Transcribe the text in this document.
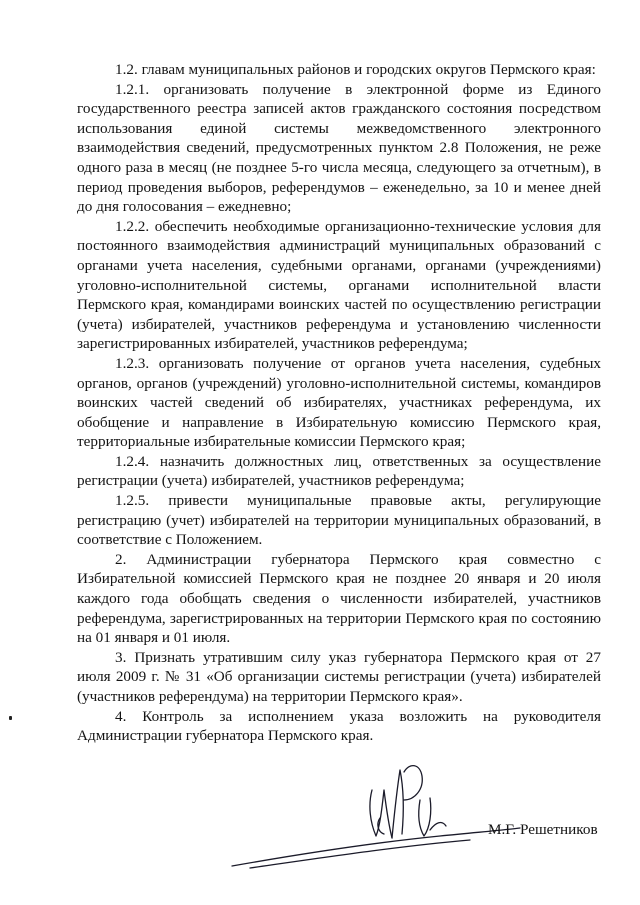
1.2. главам муниципальных районов и городских округов Пермского края:

1.2.1. организовать получение в электронной форме из Единого государственного реестра записей актов гражданского состояния посредством использования единой системы межведомственного электронного взаимодействия сведений, предусмотренных пунктом 2.8 Положения, не реже одного раза в месяц (не позднее 5-го числа месяца, следующего за отчетным), в период проведения выборов, референдумов – еженедельно, за 10 и менее дней до дня голосования – ежедневно;

1.2.2. обеспечить необходимые организационно-технические условия для постоянного взаимодействия администраций муниципальных образований с органами учета населения, судебными органами, органами (учреждениями) уголовно-исполнительной системы, органами исполнительной власти Пермского края, командирами воинских частей по осуществлению регистрации (учета) избирателей, участников референдума и установлению численности зарегистрированных избирателей, участников референдума;

1.2.3. организовать получение от органов учета населения, судебных органов, органов (учреждений) уголовно-исполнительной системы, командиров воинских частей сведений об избирателях, участниках референдума, их обобщение и направление в Избирательную комиссию Пермского края, территориальные избирательные комиссии Пермского края;

1.2.4. назначить должностных лиц, ответственных за осуществление регистрации (учета) избирателей, участников референдума;

1.2.5. привести муниципальные правовые акты, регулирующие регистрацию (учет) избирателей на территории муниципальных образований, в соответствие с Положением.

2. Администрации губернатора Пермского края совместно с Избирательной комиссией Пермского края не позднее 20 января и 20 июля каждого года обобщать сведения о численности избирателей, участников референдума, зарегистрированных на территории Пермского края по состоянию на 01 января и 01 июля.

3. Признать утратившим силу указ губернатора Пермского края от 27 июля 2009 г. № 31 «Об организации системы регистрации (учета) избирателей (участников референдума) на территории Пермского края».

4. Контроль за исполнением указа возложить на руководителя Администрации губернатора Пермского края.

М.Г. Решетников
